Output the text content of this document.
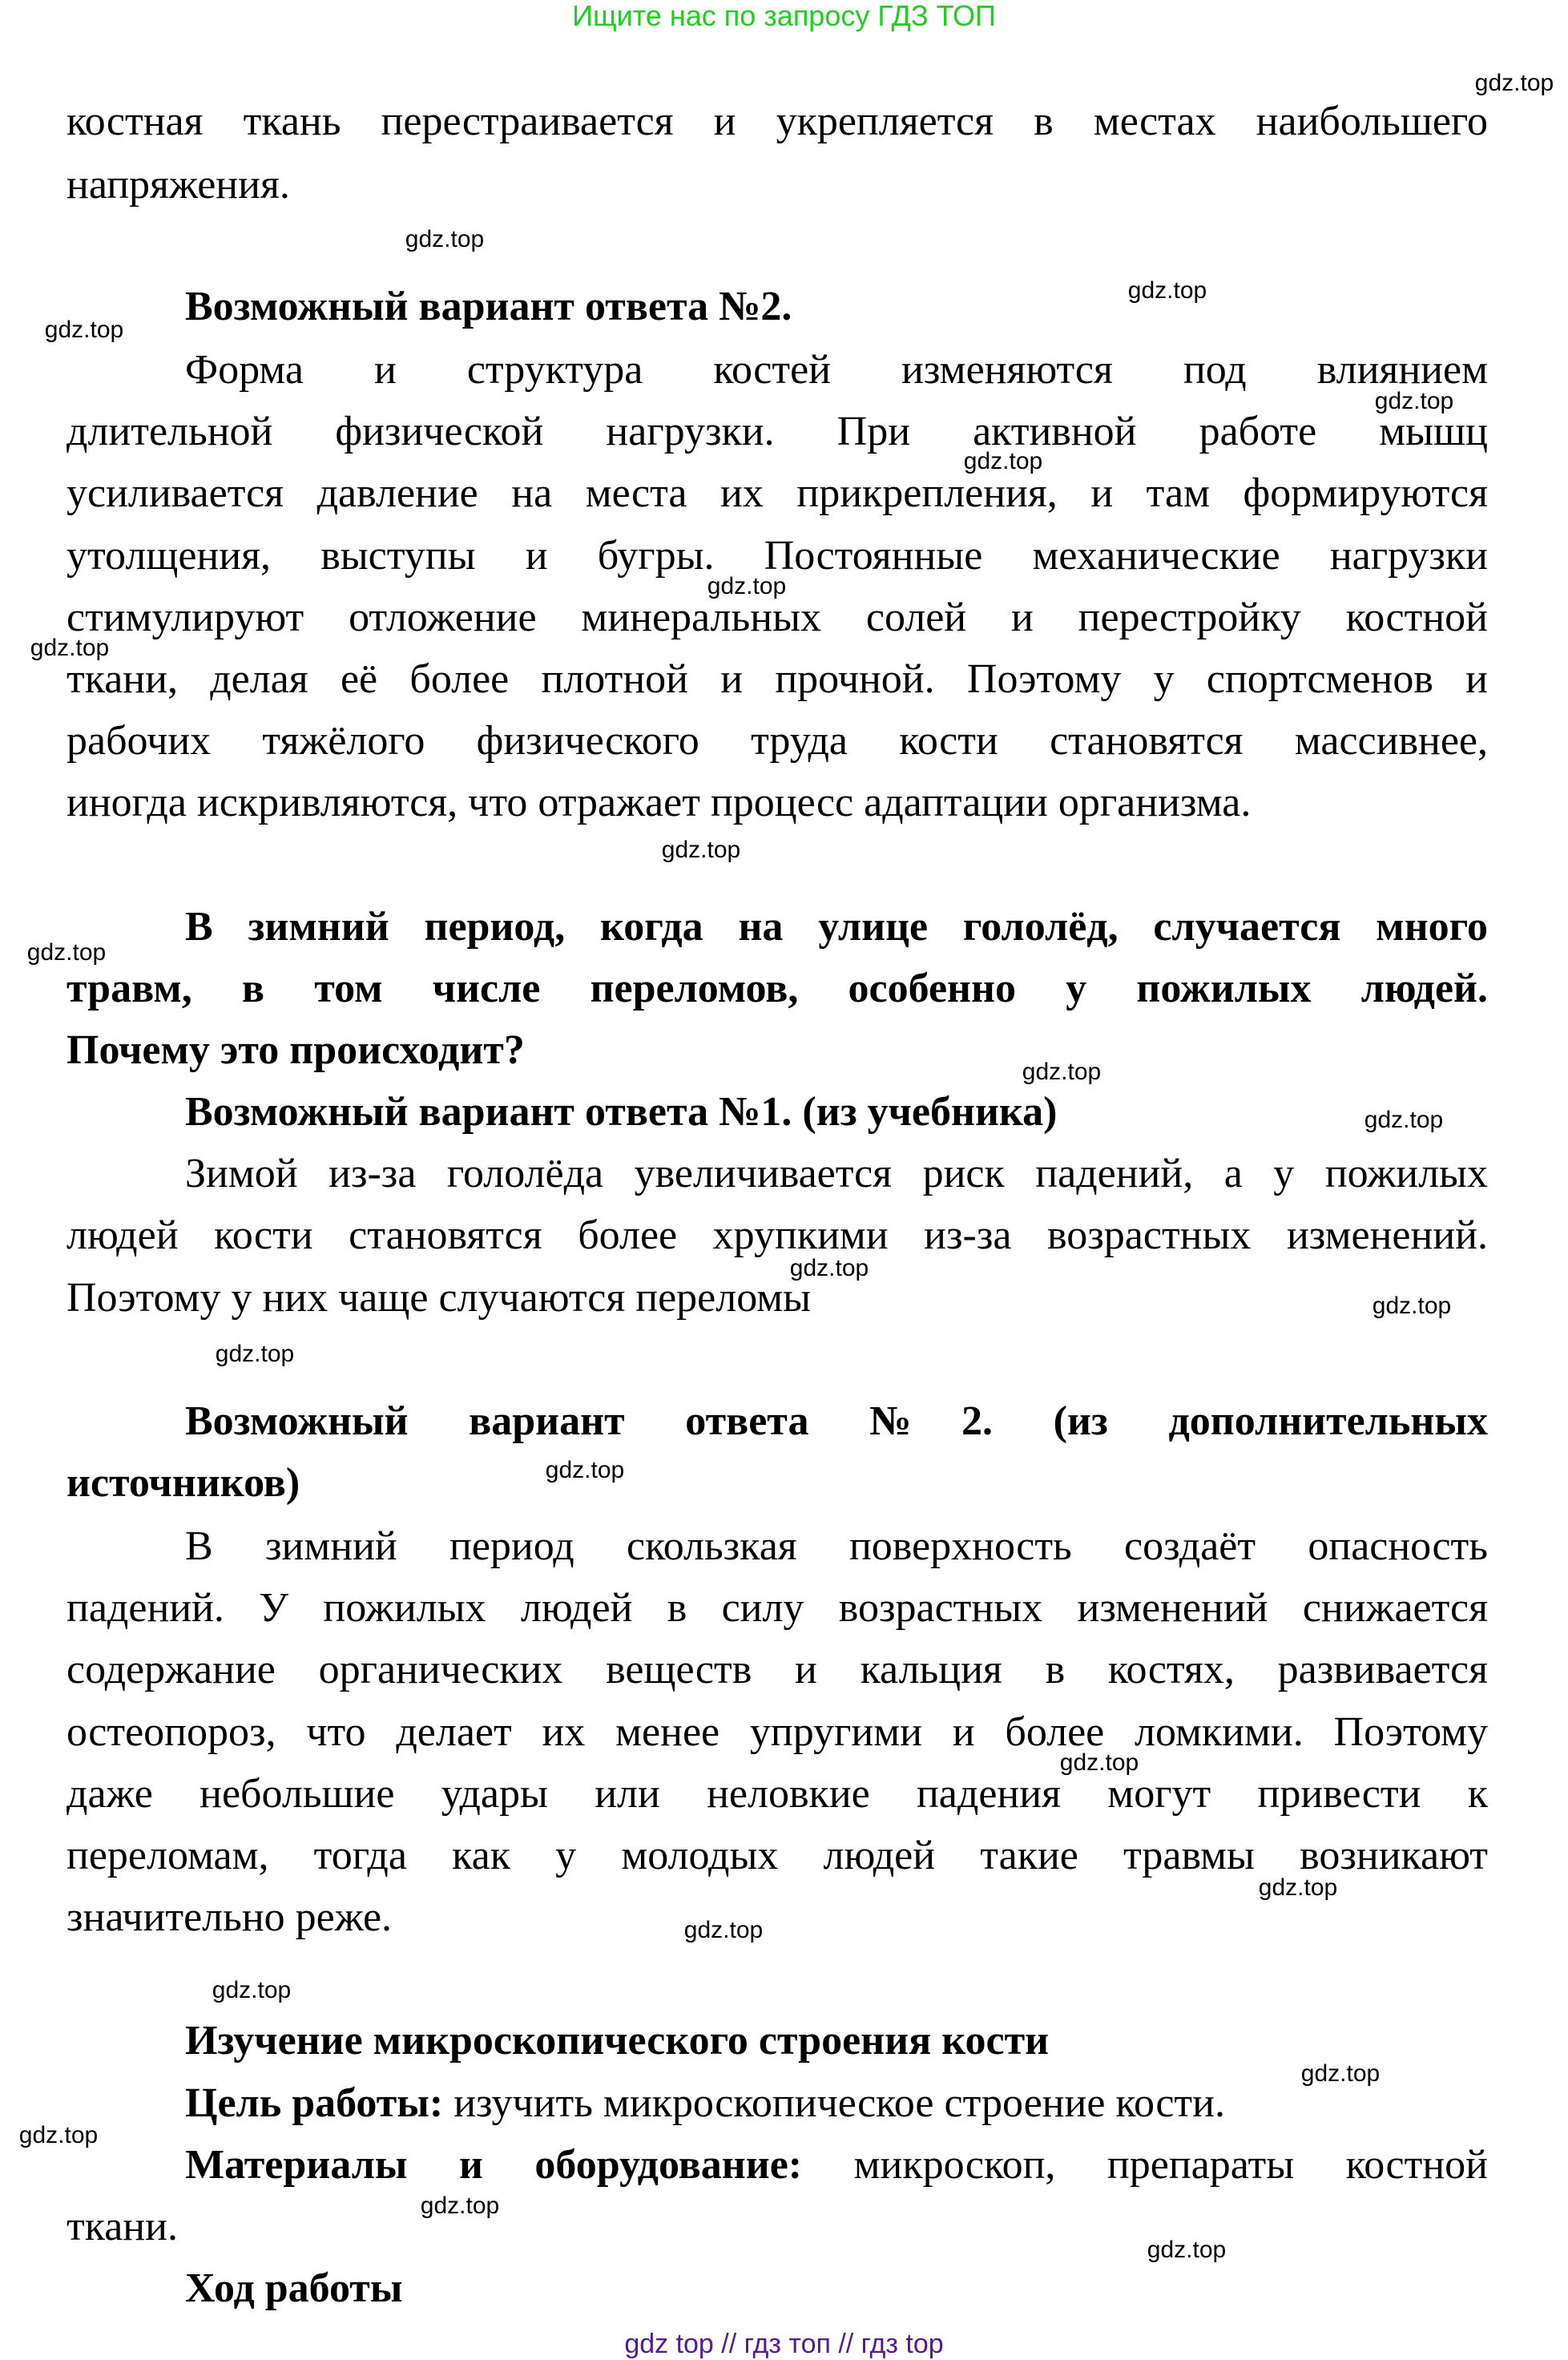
Ищите нас по запросу ГДЗ ТОП
костная ткань перестраивается и укрепляется в местах наибольшего
напряжения.
Возможный вариант ответа №2.
Форма и структура костей изменяются под влиянием
длительной физической нагрузки. При активной работе мышц
усиливается давление на места их прикрепления, и там формируются
утолщения, выступы и бугры. Постоянные механические нагрузки
стимулируют отложение минеральных солей и перестройку костной
ткани, делая её более плотной и прочной. Поэтому у спортсменов и
рабочих тяжёлого физического труда кости становятся массивнее,
иногда искривляются, что отражает процесс адаптации организма.
В зимний период, когда на улице гололёд, случается много
травм, в том числе переломов, особенно у пожилых людей.
Почему это происходит?
Возможный вариант ответа №1. (из учебника)
Зимой из-за гололёда увеличивается риск падений, а у пожилых
людей кости становятся более хрупкими из-за возрастных изменений.
Поэтому у них чаще случаются переломы
Возможный вариант ответа №2. (из дополнительных
источников)
В зимний период скользкая поверхность создаёт опасность
падений. У пожилых людей в силу возрастных изменений снижается
содержание органических веществ и кальция в костях, развивается
остеопороз, что делает их менее упругими и более ломкими. Поэтому
даже небольшие удары или неловкие падения могут привести к
переломам, тогда как у молодых людей такие травмы возникают
значительно реже.
Изучение микроскопического строения кости
Цель работы: изучить микроскопическое строение кости.
Материалы и оборудование: микроскоп, препараты костной
ткани.
Ход работы
gdz.top
gdz.top
gdz.top
gdz.top
gdz.top
gdz.top
gdz.top
gdz.top
gdz.top
gdz.top
gdz.top
gdz.top
gdz.top
gdz.top
gdz.top
gdz.top
gdz.top
gdz.top
gdz.top
gdz.top
gdz.top
gdz.top
gdz.top
gdz.top
gdz top // гдз топ // гдз top
